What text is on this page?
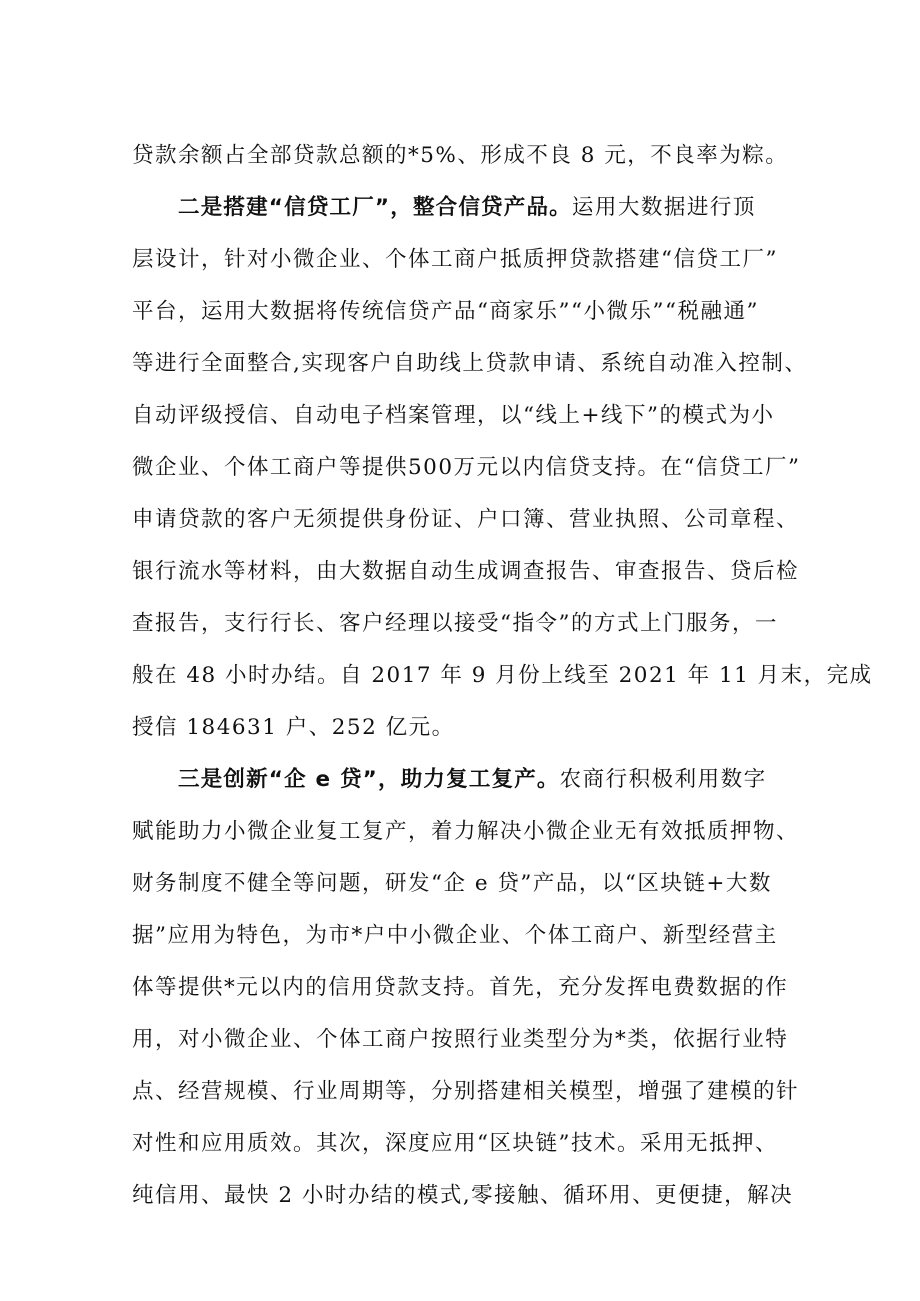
贷款余额占全部贷款总额的*5%、形成不良 8 元，不良率为粽。
二是搭建“信贷工厂”，整合信贷产品。运用大数据进行顶
层设计，针对小微企业、个体工商户抵质押贷款搭建“信贷工厂”
平台，运用大数据将传统信贷产品“商家乐”“小微乐”“税融通”
等进行全面整合,实现客户自助线上贷款申请、系统自动准入控制、
自动评级授信、自动电子档案管理，以“线上+线下”的模式为小
微企业、个体工商户等提供500万元以内信贷支持。在“信贷工厂”
申请贷款的客户无须提供身份证、户口簿、营业执照、公司章程、
银行流水等材料，由大数据自动生成调查报告、审查报告、贷后检
查报告，支行行长、客户经理以接受“指令”的方式上门服务，一
般在 48 小时办结。自 2017 年 9 月份上线至 2021 年 11 月末，完成
授信 184631 户、252 亿元。
三是创新“企 e 贷”，助力复工复产。农商行积极利用数字
赋能助力小微企业复工复产，着力解决小微企业无有效抵质押物、
财务制度不健全等问题，研发“企 e 贷”产品，以“区块链+大数
据”应用为特色，为市*户中小微企业、个体工商户、新型经营主
体等提供*元以内的信用贷款支持。首先，充分发挥电费数据的作
用，对小微企业、个体工商户按照行业类型分为*类，依据行业特
点、经营规模、行业周期等，分别搭建相关模型，增强了建模的针
对性和应用质效。其次，深度应用“区块链”技术。采用无抵押、
纯信用、最快 2 小时办结的模式,零接触、循环用、更便捷，解决
